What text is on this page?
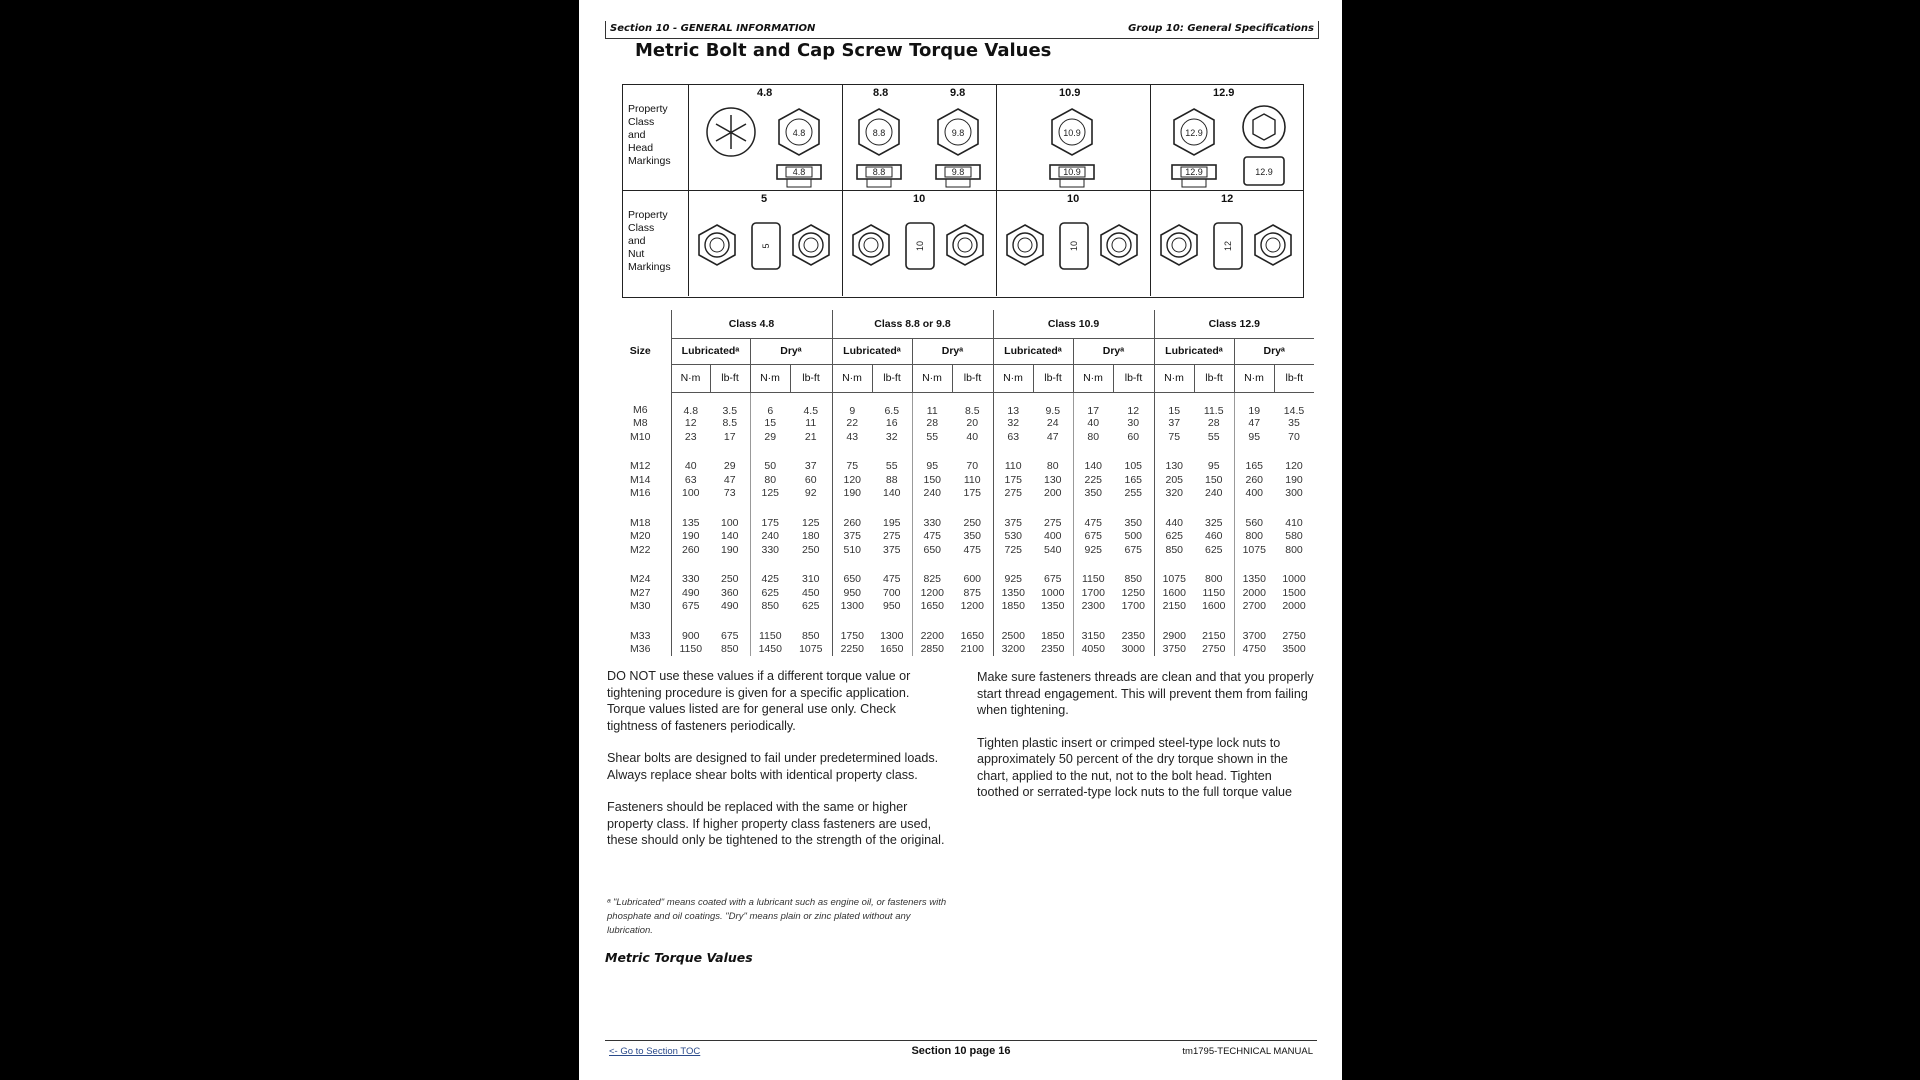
Section 10 - GENERAL INFORMATION	Group 10: General Specifications
Metric Bolt and Cap Screw Torque Values
Property
Class
and
Head
Markings
4.8
4.8
4.8
8.8	9.8
8.8
8.8
9.8
9.8
10.9
10.9
10.9
12.9
12.9
12.9	12.9
Property
Class
and
Nut
Markings
5
5
10
10
10
10
12
12
Size	Class 4.8				Class 8.8 or 9.8				Class 10.9				Class 12.9			
	Lubricatedᵃ		Dryᵃ		Lubricatedᵃ		Dryᵃ		Lubricatedᵃ		Dryᵃ		Lubricatedᵃ		Dryᵃ	
	N·m	lb-ft	N·m	lb-ft	N·m	lb-ft	N·m	lb-ft	N·m	lb-ft	N·m	lb-ft	N·m	lb-ft	N·m	lb-ft
M6	4.8	3.5	6	4.5	9	6.5	11	8.5	13	9.5	17	12	15	11.5	19	14.5
M8	12	8.5	15	11	22	16	28	20	32	24	40	30	37	28	47	35
M10	23	17	29	21	43	32	55	40	63	47	80	60	75	55	95	70

M12	40	29	50	37	75	55	95	70	110	80	140	105	130	95	165	120
M14	63	47	80	60	120	88	150	110	175	130	225	165	205	150	260	190
M16	100	73	125	92	190	140	240	175	275	200	350	255	320	240	400	300

M18	135	100	175	125	260	195	330	250	375	275	475	350	440	325	560	410
M20	190	140	240	180	375	275	475	350	530	400	675	500	625	460	800	580
M22	260	190	330	250	510	375	650	475	725	540	925	675	850	625	1075	800

M24	330	250	425	310	650	475	825	600	925	675	1150	850	1075	800	1350	1000
M27	490	360	625	450	950	700	1200	875	1350	1000	1700	1250	1600	1150	2000	1500
M30	675	490	850	625	1300	950	1650	1200	1850	1350	2300	1700	2150	1600	2700	2000

M33	900	675	1150	850	1750	1300	2200	1650	2500	1850	3150	2350	2900	2150	3700	2750
M36	1150	850	1450	1075	2250	1650	2850	2100	3200	2350	4050	3000	3750	2750	4750	3500

DO NOT use these values if a different torque value or tightening procedure is given for a specific application. Torque values listed are for general use only. Check tightness of fasteners periodically.

Shear bolts are designed to fail under predetermined loads. Always replace shear bolts with identical property class.

Fasteners should be replaced with the same or higher property class. If higher property class fasteners are used, these should only be tightened to the strength of the original.

Make sure fasteners threads are clean and that you properly start thread engagement. This will prevent them from failing when tightening.

Tighten plastic insert or crimped steel-type lock nuts to approximately 50 percent of the dry torque shown in the chart, applied to the nut, not to the bolt head. Tighten toothed or serrated-type lock nuts to the full torque value

ᵃ "Lubricated" means coated with a lubricant such as engine oil, or fasteners with phosphate and oil coatings. "Dry" means plain or zinc plated without any lubrication.
Metric Torque Values
<- Go to Section TOC	Section 10 page 16	tm1795-TECHNICAL MANUAL
